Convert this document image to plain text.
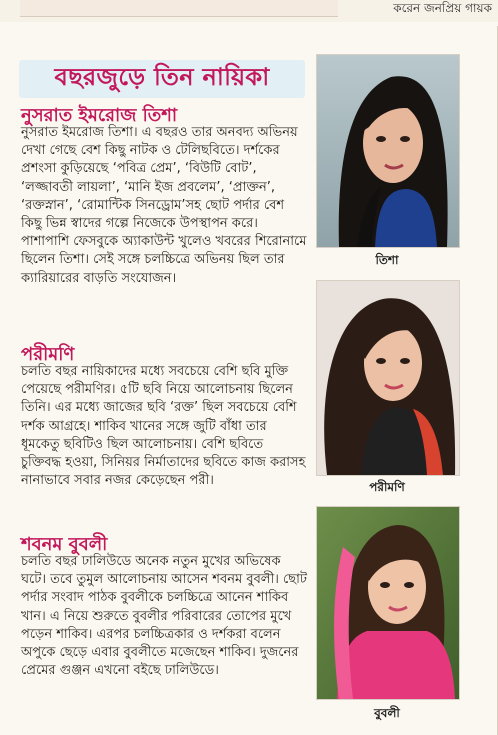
করেন জনপ্রিয় গায়ক
বছরজুড়ে তিন নায়িকা
নুসরাত ইমরোজ তিশা

নুসরাত ইমরোজ তিশা। এ বছরও তার অনবদ্য অভিনয় দেখা গেছে বেশ কিছু নাটক ও টেলিছবিতে। দর্শকের প্রশংসা কুড়িয়েছে ‘পবিত্র প্রেম’, ‘বিউটি বোট’, ‘লজ্জাবতী লায়লা’, ‘মানি ইজ প্রবলেম’, ‘প্রাক্তন’, ‘রক্তস্নান’, ‘রোমান্টিক সিনড্রোম’সহ ছোট পর্দার বেশ কিছু ভিন্ন স্বাদের গল্পে নিজেকে উপস্থাপন করে। পাশাপাশি ফেসবুকে অ্যাকাউন্ট খুলেও খবরের শিরোনামে ছিলেন তিশা। সেই সঙ্গে চলচ্চিত্রে অভিনয় ছিল তার ক্যারিয়ারের বাড়তি সংযোজন।

তিশা
পরীমণি

চলতি বছর নায়িকাদের মধ্যে সবচেয়ে বেশি ছবি মুক্তি পেয়েছে পরীমণির। ৫টি ছবি নিয়ে আলোচনায় ছিলেন তিনি। এর মধ্যে জাজের ছবি ‘রক্ত’ ছিল সবচেয়ে বেশি দর্শক আগ্রহে। শাকিব খানের সঙ্গে জুটি বাঁধা তার ধূমকেতু ছবিটিও ছিল আলোচনায়। বেশি ছবিতে চুক্তিবদ্ধ হওয়া, সিনিয়র নির্মাতাদের ছবিতে কাজ করাসহ নানাভাবে সবার নজর কেড়েছেন পরী।	পরীমণি
শবনম বুবলী

চলতি বছর ঢালিউডে অনেক নতুন মুখের অভিষেক ঘটে। তবে তুমুল আলোচনায় আসেন শবনম বুবলী। ছোট পর্দার সংবাদ পাঠক বুবলীকে চলচ্চিত্রে আনেন শাকিব খান। এ নিয়ে শুরুতে বুবলীর পরিবারের তোপের মুখে পড়েন শাকিব। এরপর চলচ্চিত্রকার ও দর্শকরা বলেন অপুকে ছেড়ে এবার বুবলীতে মজেছেন শাকিব। দুজনের প্রেমের গুঞ্জন এখনো বইছে ঢালিউডে।

বুবলী
